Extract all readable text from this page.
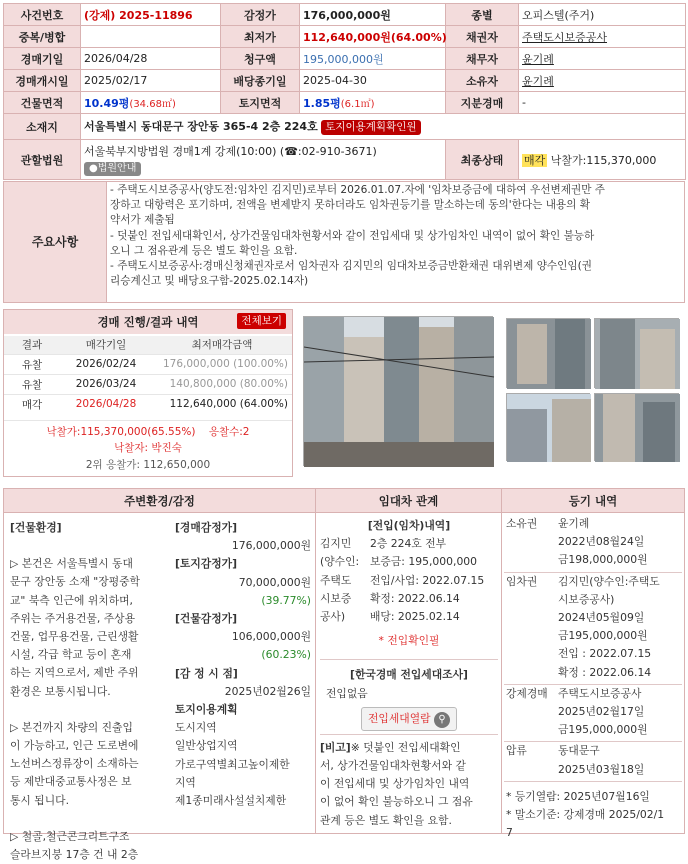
사건번호	(강제) 2025-11896	감정가	176,000,000원	종별	오피스텔(주거)
중복/병합		최저가	112,640,000원(64.00%)	채권자	주택도시보증공사
경매기일	2026/04/28	청구액	195,000,000원	채무자	윤기례
경매개시일	2025/02/17	배당종기일	2025-04-30	소유자	윤기례
건물면적	10.49평(34.68㎡)	토지면적	1.85평(6.1㎡)	지분경매	-
소재지	서울특별시 동대문구 장안동 365-4 2층 224호 토지이용계획확인원				
관할법원	서울북부지방법원 경매1계 강제(10:00) (☎:02-910-3671)
●법원안내			최종상태	매각 낙찰가:115,370,000
주요사항
- 주택도시보증공사(양도전:임차인 김지민)로부터 2026.01.07.자에 '임차보증금에 대하여 우선변제권만 주
장하고 대항력은 포기하며, 전액을 변제받지 못하더라도 임차권등기를 말소하는데 동의'한다는 내용의 확
약서가 제출됨
- 덧붙인 전입세대확인서, 상가건물임대차현황서와 같이 전입세대 및 상가임차인 내역이 없어 확인 불능하
오니 그 점유관계 등은 별도 확인을 요함.
- 주택도시보증공사:경매신청채권자로서 임차권자 김지민의 임대차보증금반환채권 대위변제 양수인임(권
리승계신고 및 배당요구함-2025.02.14자)
경매 진행/결과 내역	전체보기
결과	매각기일	최저매각금액
유찰	2026/02/24	176,000,000 (100.00%)
유찰	2026/03/24	140,800,000 (80.00%)
매각	2026/04/28	112,640,000 (64.00%)
낙찰가:115,370,000(65.55%) 응찰수:2
낙찰자: 박진숙
2위 응찰가: 112,650,000
주변환경/감정
[건물환경]
▷ 본건은 서울특별시 동대
문구 장안동 소재 "장평중학
교" 북측 인근에 위치하며,
주위는 주거용건물, 주상용
건물, 업무용건물, 근린생활
시설, 각급 학교 등이 혼재
하는 지역으로서, 제반 주위
환경은 보통시됩니다.
▷ 본건까지 차량의 진출입
이 가능하고, 인근 도로변에
노선버스정류장이 소재하는
등 제반대중교통사정은 보
통시 됩니다.
▷ 철골,철근콘크리트구조
슬라브지붕 17층 건 내 2층
[경매감정가]
176,000,000원
[토지감정가]
70,000,000원
(39.77%)
[건물감정가]
106,000,000원
(60.23%)
[감 정 시 점]
2025년02월26일
토지이용계획
도시지역
일반상업지역
가로구역별최고높이제한
지역
제1종미래사설설치제한
임대차 관계
[전입(임차)내역]
김지민 2층 224호 전부
(양수인: 보증금: 195,000,000
주택도 전입/사업: 2022.07.15
시보증 확정: 2022.06.14
공사) 배당: 2025.02.14
* 전입확인필
[한국경매 전입세대조사]
전입없음
전입세대열람 ⚲
[비고]※ 덧붙인 전입세대확인
서, 상가건물임대차현황서와 같
이 전입세대 및 상가임차인 내역
이 없어 확인 불능하오니 그 점유
관계 등은 별도 확인을 요함.
등기 내역
소유권	윤기례
2022년08월24일
금198,000,000원
임차권	김지민(양수인:주택도
시보증공사)
2024년05월09일
금195,000,000원
전입 : 2022.07.15
확정 : 2022.06.14
강제경매 주택도시보증공사
2025년02월17일
금195,000,000원
압류	동대문구
2025년03월18일
* 등기열람: 2025년07월16일
* 말소기준: 강제경매 2025/02/1
7
